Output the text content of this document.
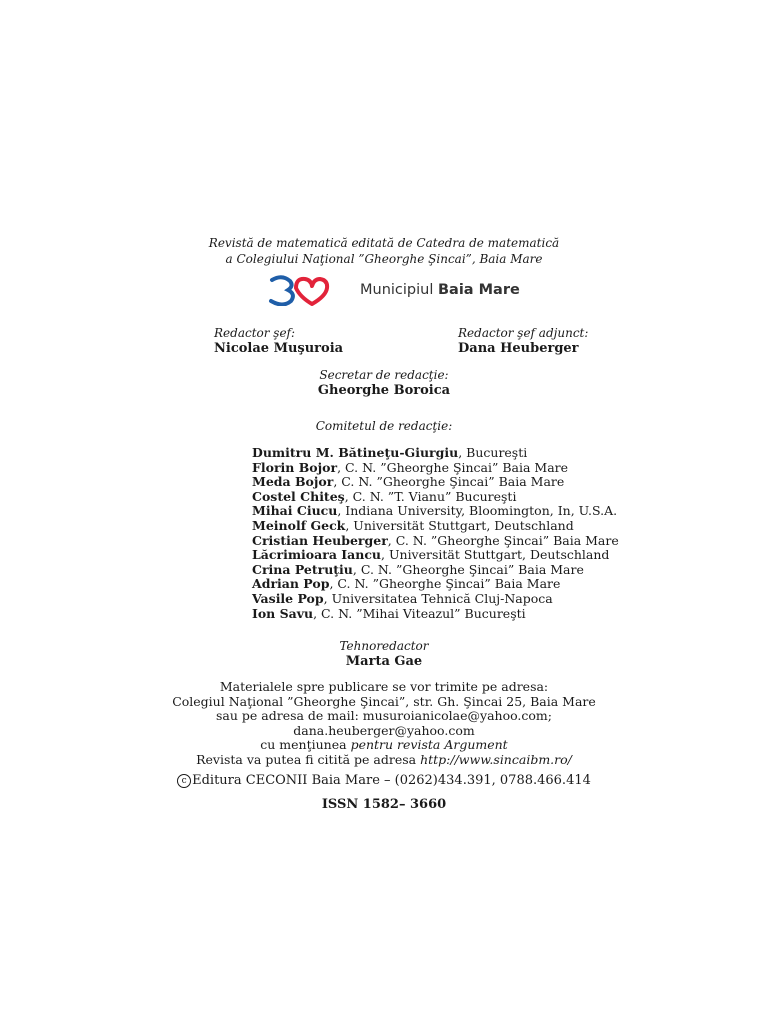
Revistă de matematică editată de Catedra de matematică
a Colegiului Naţional ”Gheorghe Şincai”, Baia Mare
Municipiul Baia Mare
Redactor şef:
Nicolae Muşuroia
Redactor şef adjunct:
Dana Heuberger
Secretar de redacţie:
Gheorghe Boroica
Comitetul de redacţie:
Dumitru M. Bătineţu-Giurgiu, Bucureşti
Florin Bojor, C. N. ”Gheorghe Şincai” Baia Mare
Meda Bojor, C. N. ”Gheorghe Şincai” Baia Mare
Costel Chiteş, C. N. ”T. Vianu” Bucureşti
Mihai Ciucu, Indiana University, Bloomington, In, U.S.A.
Meinolf Geck, Universität Stuttgart, Deutschland
Cristian Heuberger, C. N. ”Gheorghe Şincai” Baia Mare
Lăcrimioara Iancu, Universität Stuttgart, Deutschland
Crina Petruţiu, C. N. ”Gheorghe Şincai” Baia Mare
Adrian Pop, C. N. ”Gheorghe Şincai” Baia Mare
Vasile Pop, Universitatea Tehnică Cluj-Napoca
Ion Savu, C. N. ”Mihai Viteazul” Bucureşti
Tehnoredactor
Marta Gae
Materialele spre publicare se vor trimite pe adresa:
Colegiul Naţional ”Gheorghe Şincai”, str. Gh. Şincai 25, Baia Mare
sau pe adresa de mail: musuroianicolae@yahoo.com;
dana.heuberger@yahoo.com
cu menţiunea pentru revista Argument
Revista va putea fi citită pe adresa http://www.sincaibm.ro/
c Editura CECONII Baia Mare – (0262)434.391, 0788.466.414
ISSN 1582– 3660
